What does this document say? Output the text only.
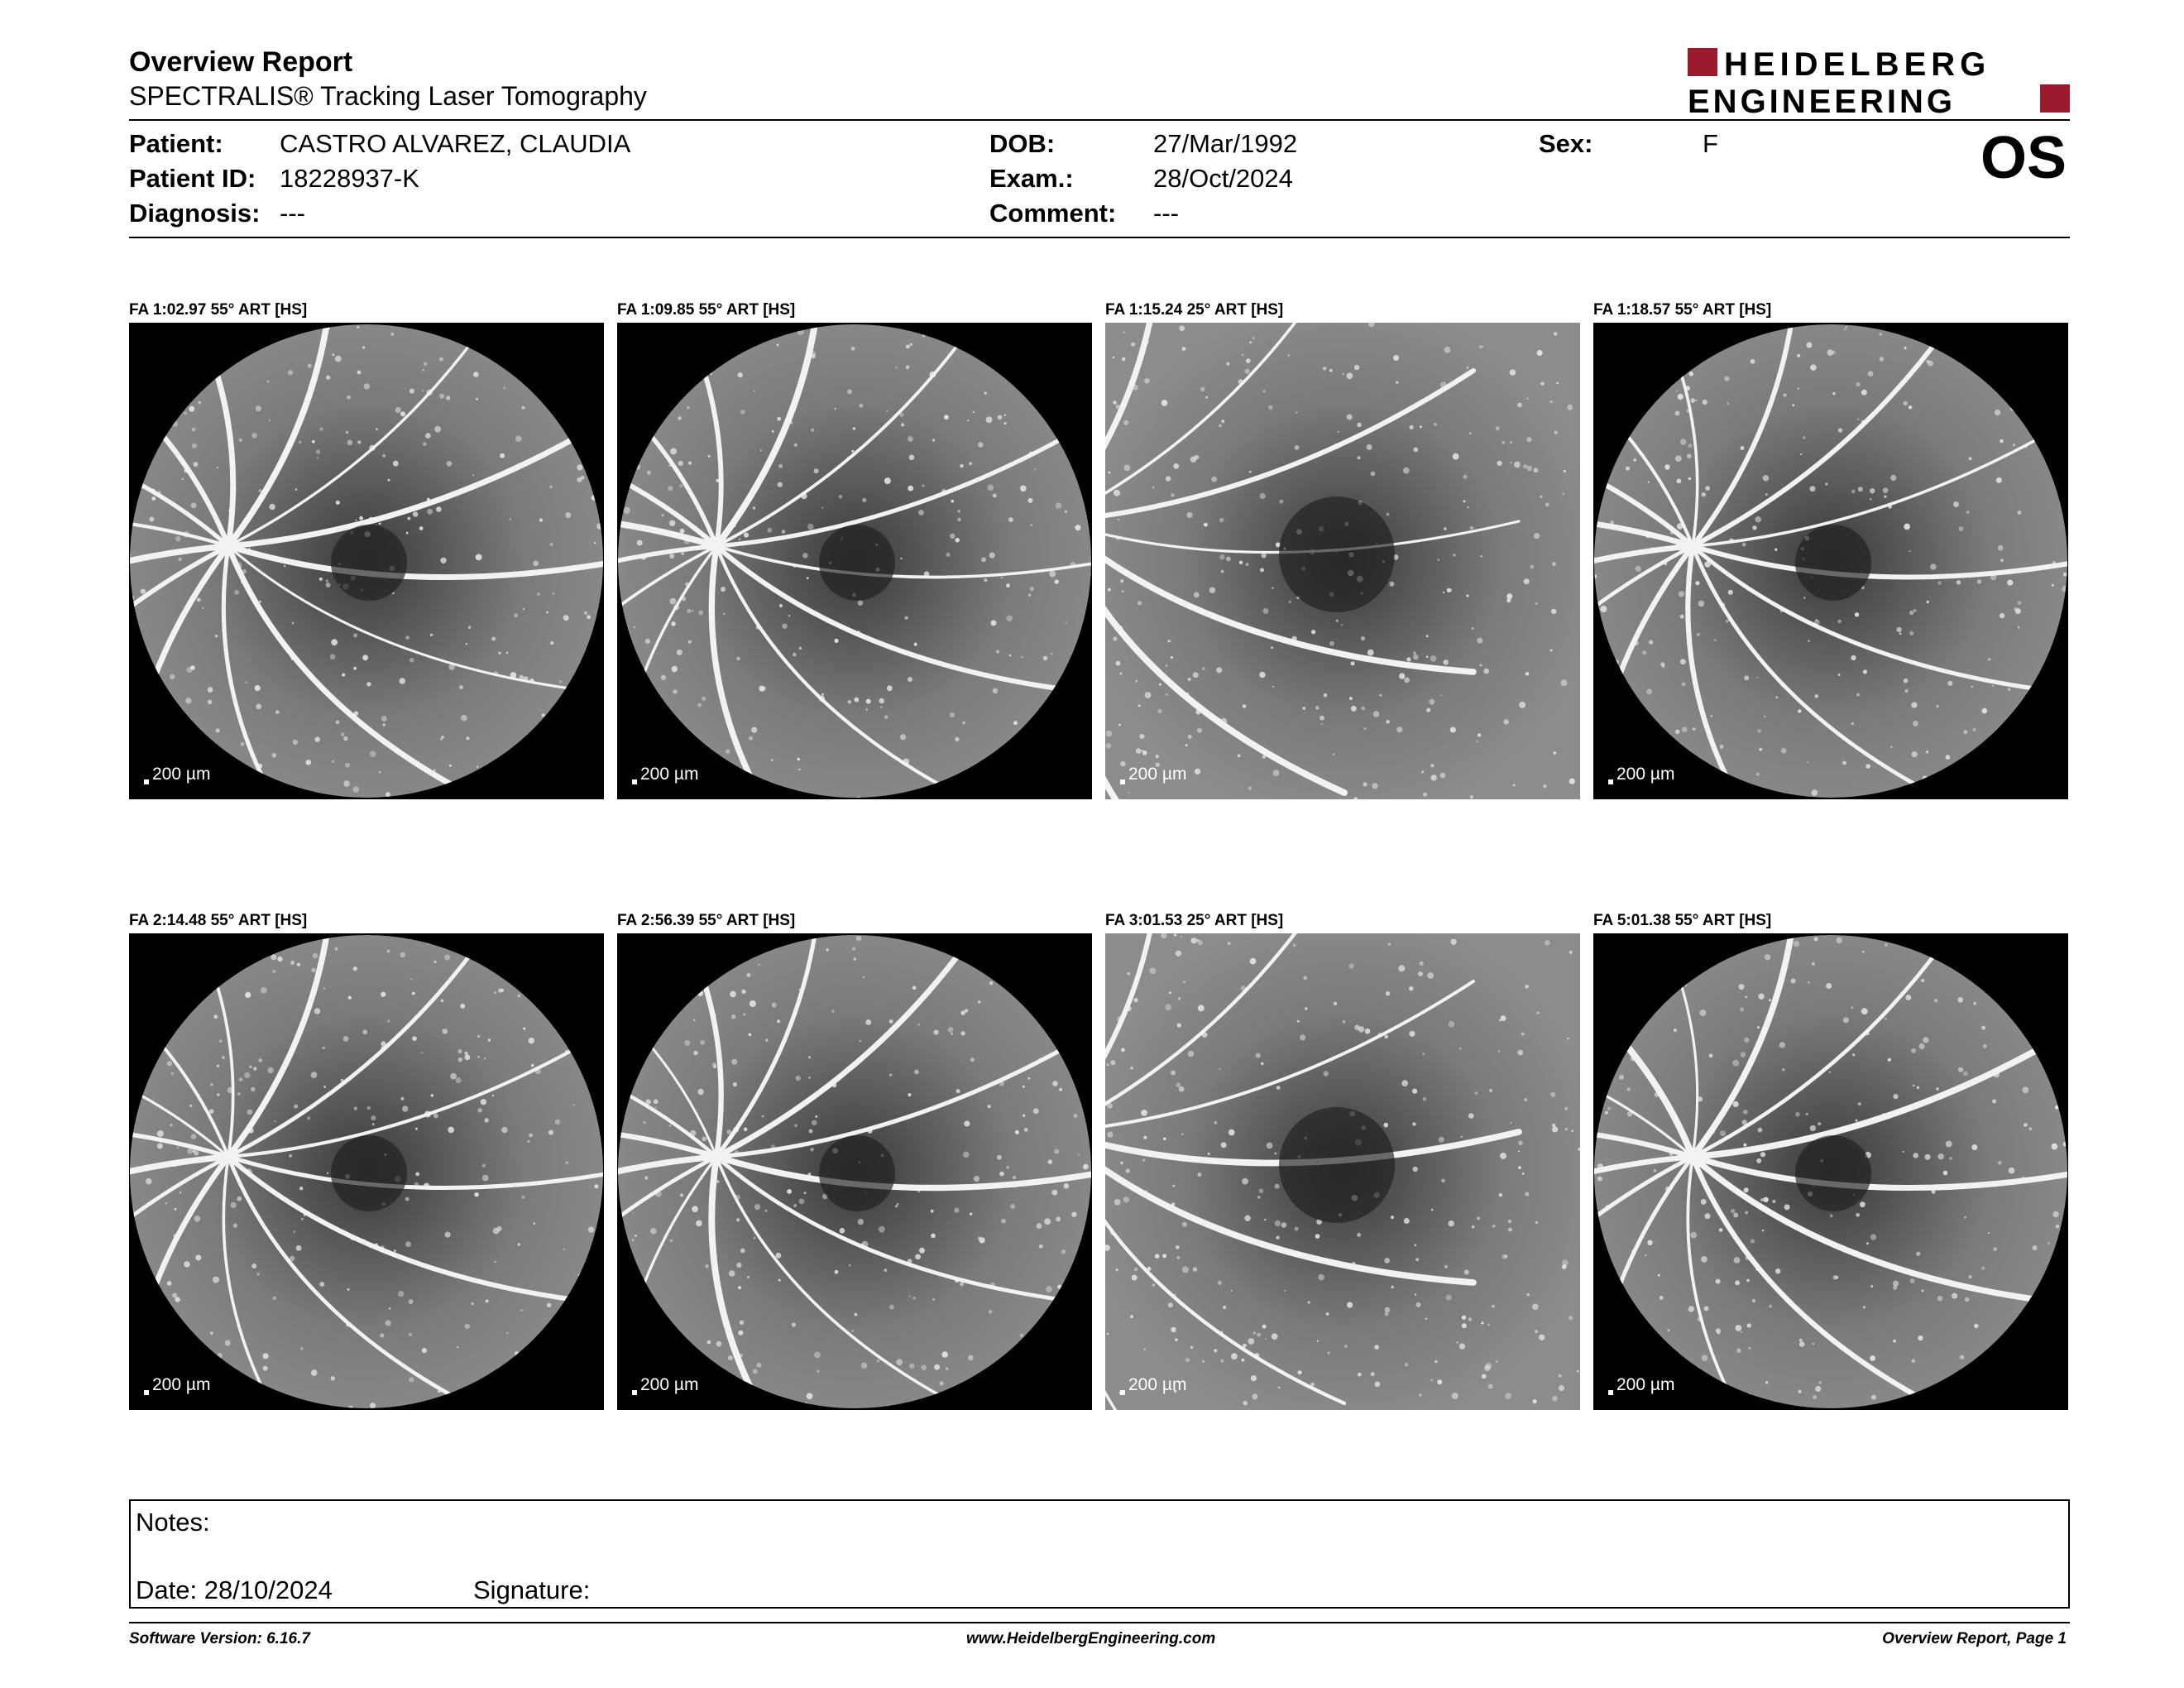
Overview Report
SPECTRALIS® Tracking Laser Tomography
HEIDELBERG
ENGINEERING
Patient: CASTRO ALVAREZ, CLAUDIA
Patient ID: 18228937-K
Diagnosis: ---
DOB:	27/Mar/1992
Exam.:	28/Oct/2024
Comment: ---
Sex:	F	OS
FA 1:02.97 55° ART [HS]
200 µm
FA 1:09.85 55° ART [HS]
200 µm
FA 1:15.24 25° ART [HS]
200 µm
FA 1:18.57 55° ART [HS]
200 µm
FA 2:14.48 55° ART [HS]
200 µm
FA 2:56.39 55° ART [HS]
200 µm
FA 3:01.53 25° ART [HS]
200 µm
FA 5:01.38 55° ART [HS]
200 µm
Notes:
Date: 28/10/2024	Signature:
Software Version: 6.16.7	www.HeidelbergEngineering.com	Overview Report, Page 1
